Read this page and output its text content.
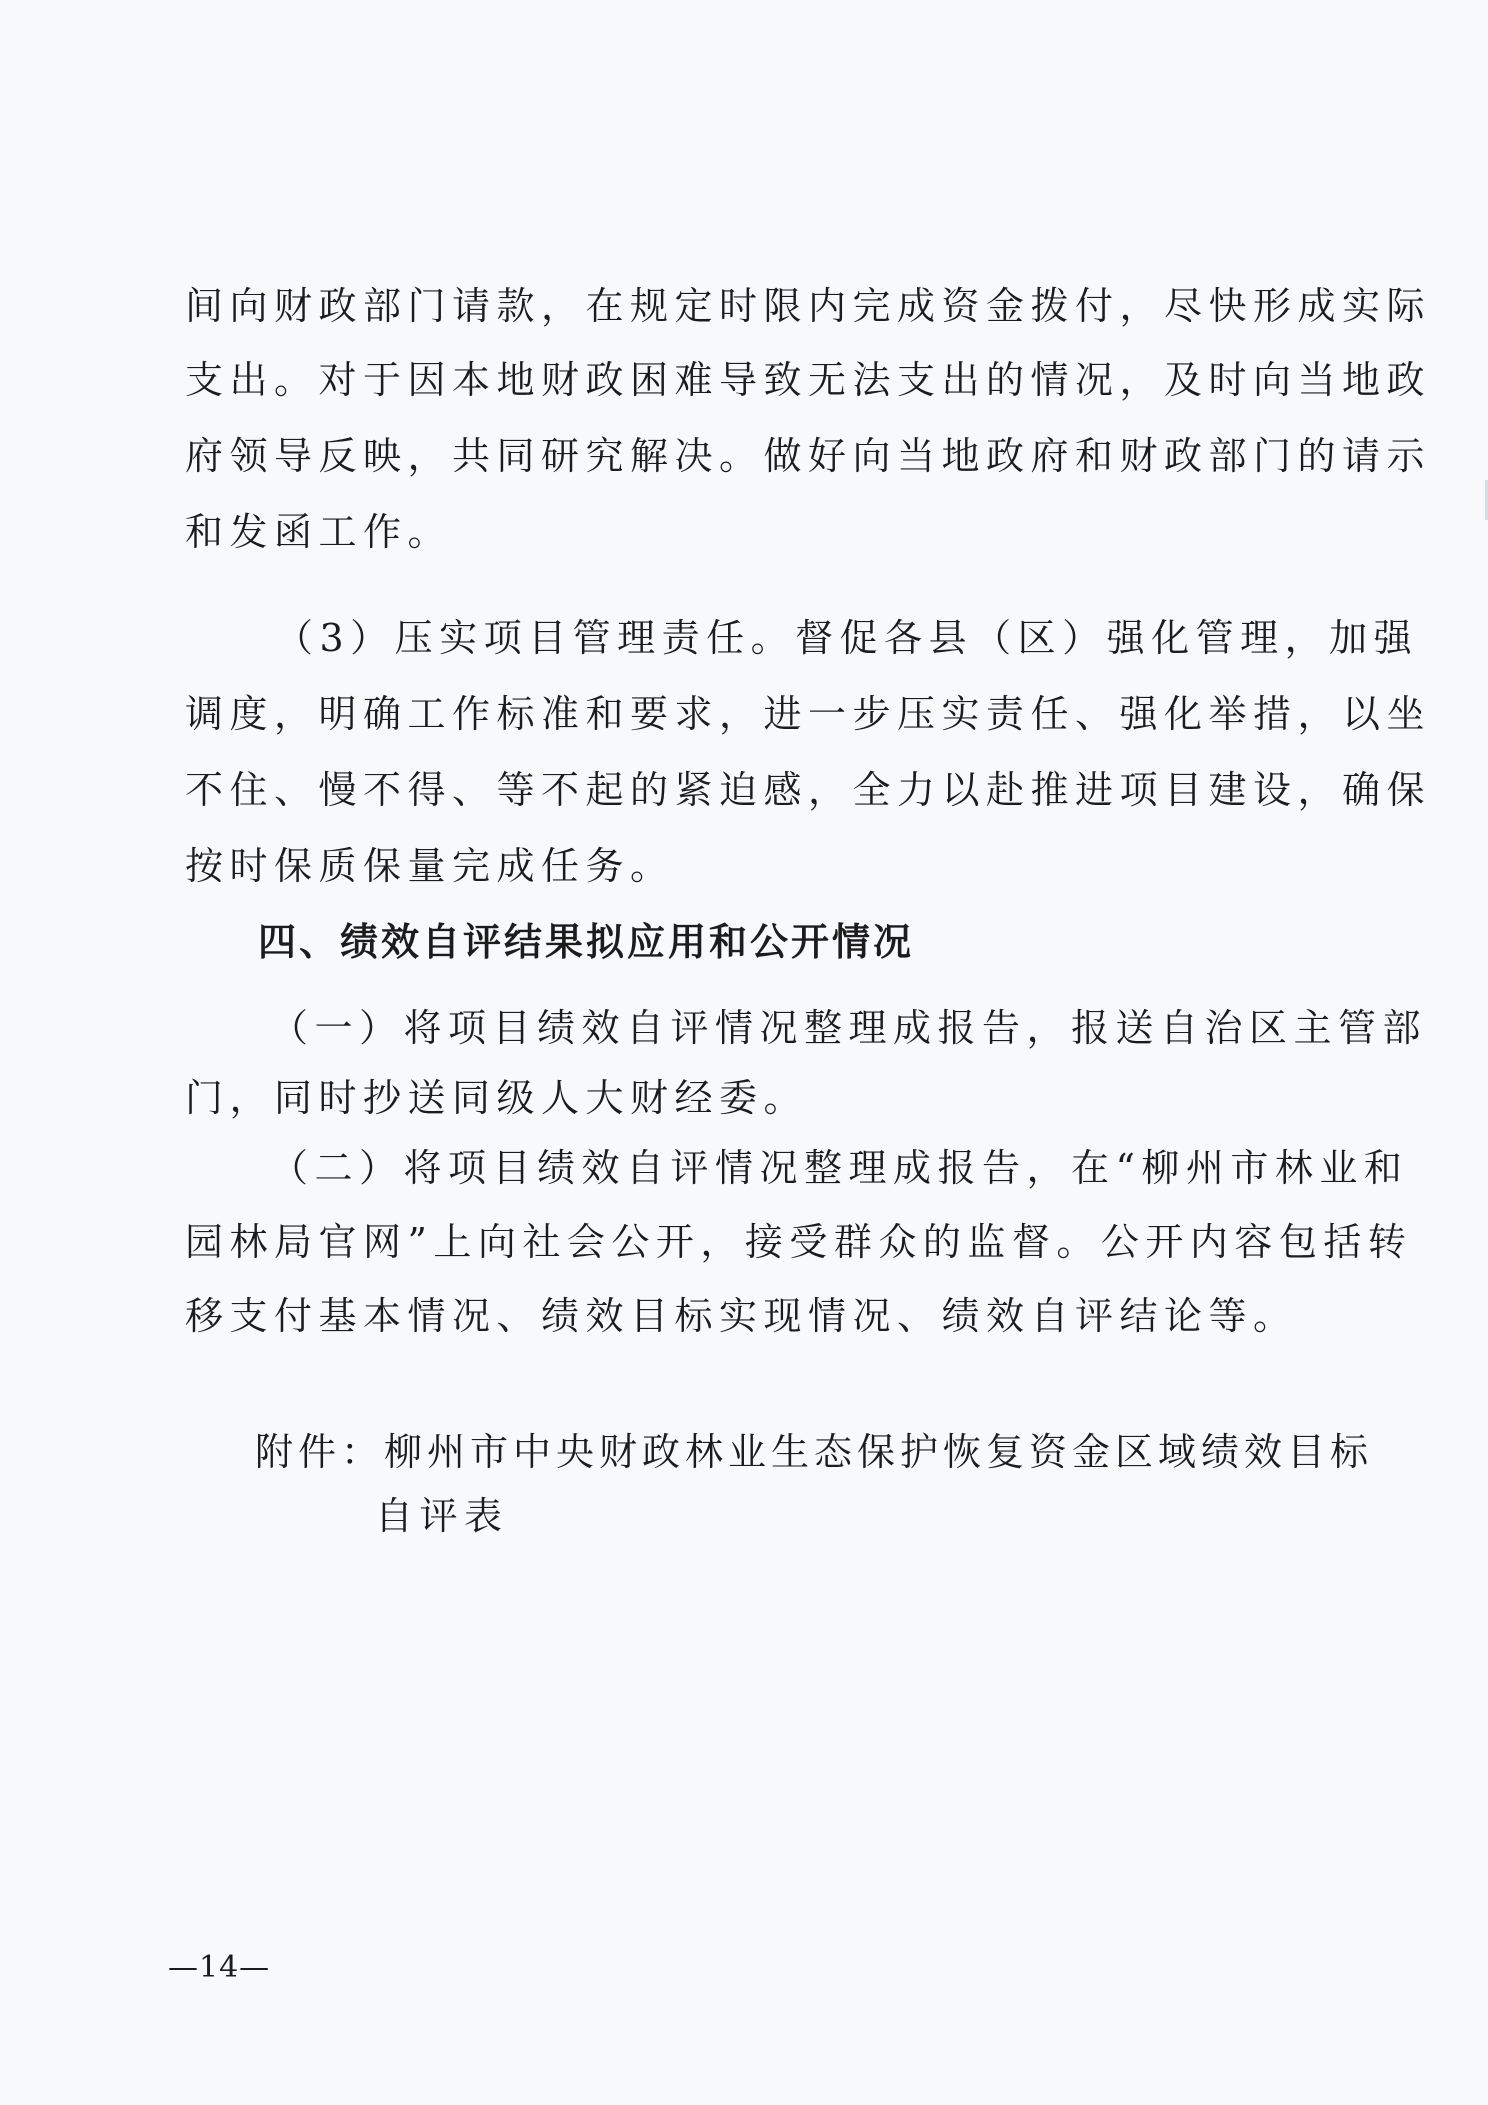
间向财政部门请款，在规定时限内完成资金拨付，尽快形成实际
支出。对于因本地财政困难导致无法支出的情况，及时向当地政
府领导反映，共同研究解决。做好向当地政府和财政部门的请示
和发函工作。
（3）压实项目管理责任。督促各县（区）强化管理，加强
调度，明确工作标准和要求，进一步压实责任、强化举措，以坐
不住、慢不得、等不起的紧迫感，全力以赴推进项目建设，确保
按时保质保量完成任务。
四、绩效自评结果拟应用和公开情况
（一）将项目绩效自评情况整理成报告，报送自治区主管部
门，同时抄送同级人大财经委。
（二）将项目绩效自评情况整理成报告，在“柳州市林业和
园林局官网”上向社会公开，接受群众的监督。公开内容包括转
移支付基本情况、绩效目标实现情况、绩效自评结论等。
附件：柳州市中央财政林业生态保护恢复资金区域绩效目标
自评表
—14—
